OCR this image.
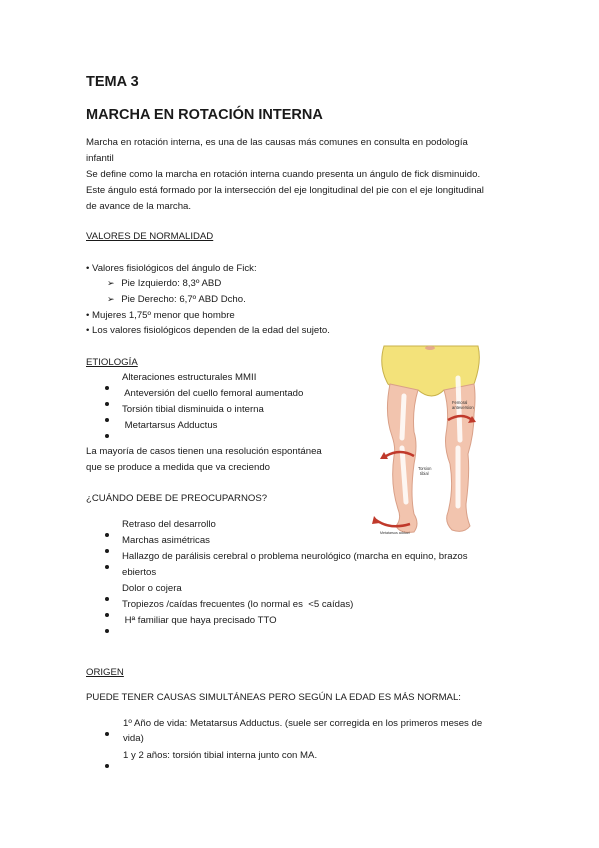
TEMA 3
MARCHA EN ROTACIÓN INTERNA
Marcha en rotación interna, es una de las causas más comunes en consulta en podología
infantil
Se define como la marcha en rotación interna cuando presenta un ángulo de fick disminuido.
Este ángulo está formado por la intersección del eje longitudinal del pie con el eje longitudinal
de avance de la marcha.
VALORES DE NORMALIDAD
• Valores fisiológicos del ángulo de Fick:
➢ Pie Izquierdo: 8,3º ABD
➢ Pie Derecho: 6,7º ABD Dcho.
• Mujeres 1,75º menor que hombre
• Los valores fisiológicos dependen de la edad del sujeto.
ETIOLOGÍA
Alteraciones estructurales MMII
Anteversión del cuello femoral aumentado
Torsión tibial disminuida o interna
Metartarsus Adductus
La mayoría de casos tienen una resolución espontánea
que se produce a medida que va creciendo
¿CUÁNDO DEBE DE PREOCUPARNOS?
Retraso del desarrollo
Marchas asimétricas
Hallazgo de parálisis cerebral o problema neurológico (marcha en equino, brazos
ebiertos
Dolor o cojera
Tropiezos /caídas frecuentes (lo normal es  <5 caídas)
Hª familiar que haya precisado TTO
ORIGEN
PUEDE TENER CAUSAS SIMULTÁNEAS PERO SEGÚN LA EDAD ES MÁS NORMAL:
1º Año de vida: Metatarsus Adductus. (suele ser corregida en los primeros meses de
vida)
1 y 2 años: torsión tibial interna junto con MA.
Femoral
anteversion
Torsion
tibial
Metatarsus adduct
